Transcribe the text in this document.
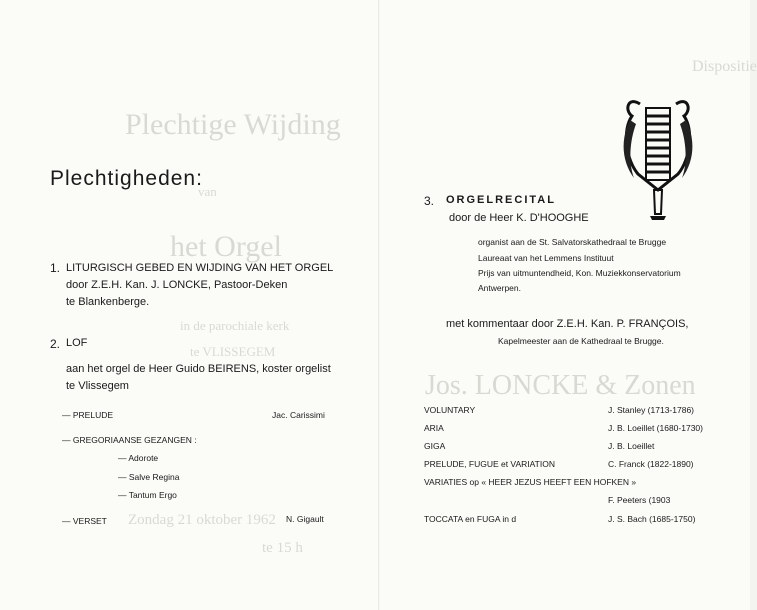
Plechtige Wijding
van
het Orgel
in de parochiale kerk
te VLISSEGEM
Zondag 21 oktober 1962
te 15 h
Dispositie
Jos. LONCKE & Zonen
Plechtigheden:
1. LITURGISCH GEBED EN WIJDING VAN HET ORGEL
door Z.E.H. Kan. J. LONCKE, Pastoor-Deken
te Blankenberge.
2. LOF
aan het orgel de Heer Guido BEIRENS, koster orgelist
te Vlissegem
— PRELUDE	Jac. Carissimi
— GREGORIAANSE GEZANGEN :
— Adorote
— Salve Regina
— Tantum Ergo
— VERSET	N. Gigault
3. ORGELRECITAL
door de Heer K. D'HOOGHE
organist aan de St. Salvatorskathedraal te Brugge
Laureaat van het Lemmens Instituut
Prijs van uitmuntendheid, Kon. Muziekkonservatorium
Antwerpen.
met kommentaar door Z.E.H. Kan. P. FRANÇOIS,
Kapelmeester aan de Kathedraal te Brugge.
VOLUNTARY	J. Stanley (1713-1786)
ARIA	J. B. Loeillet (1680-1730)
GIGA	J. B. Loeillet
PRELUDE, FUGUE et VARIATION	C. Franck (1822-1890)
VARIATIES op « HEER JEZUS HEEFT EEN HOFKEN »
F. Peeters (1903
TOCCATA en FUGA in d	J. S. Bach (1685-1750)
